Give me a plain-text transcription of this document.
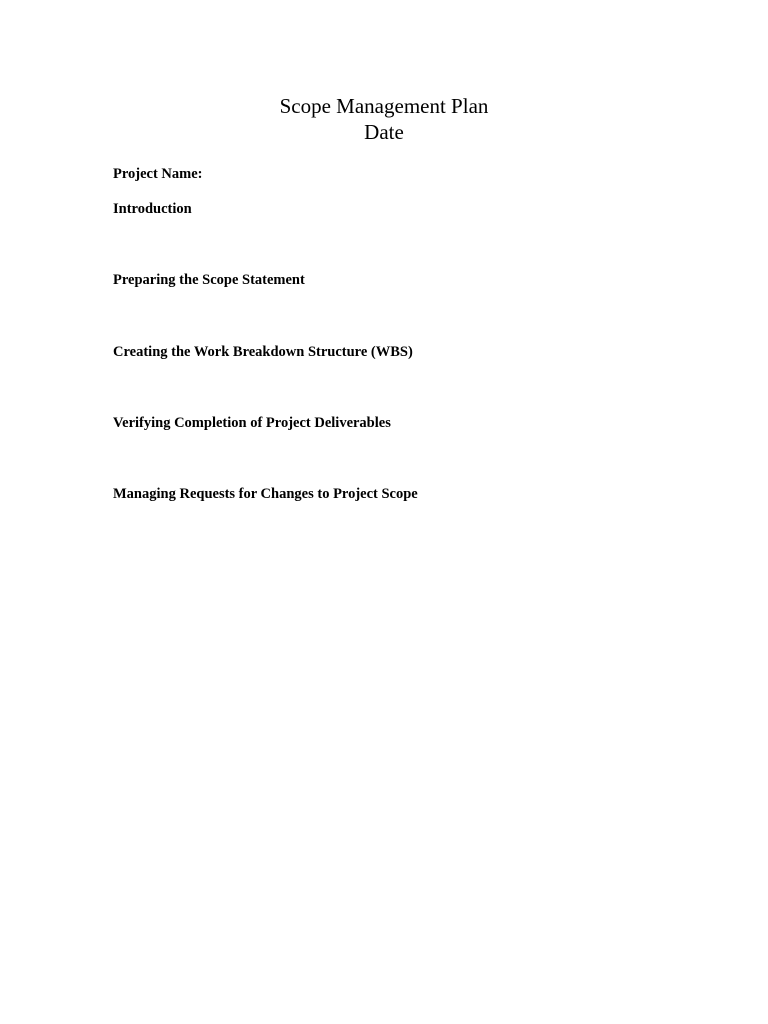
Scope Management Plan
Date
Project Name:
Introduction
Preparing the Scope Statement
Creating the Work Breakdown Structure (WBS)
Verifying Completion of Project Deliverables
Managing Requests for Changes to Project Scope
